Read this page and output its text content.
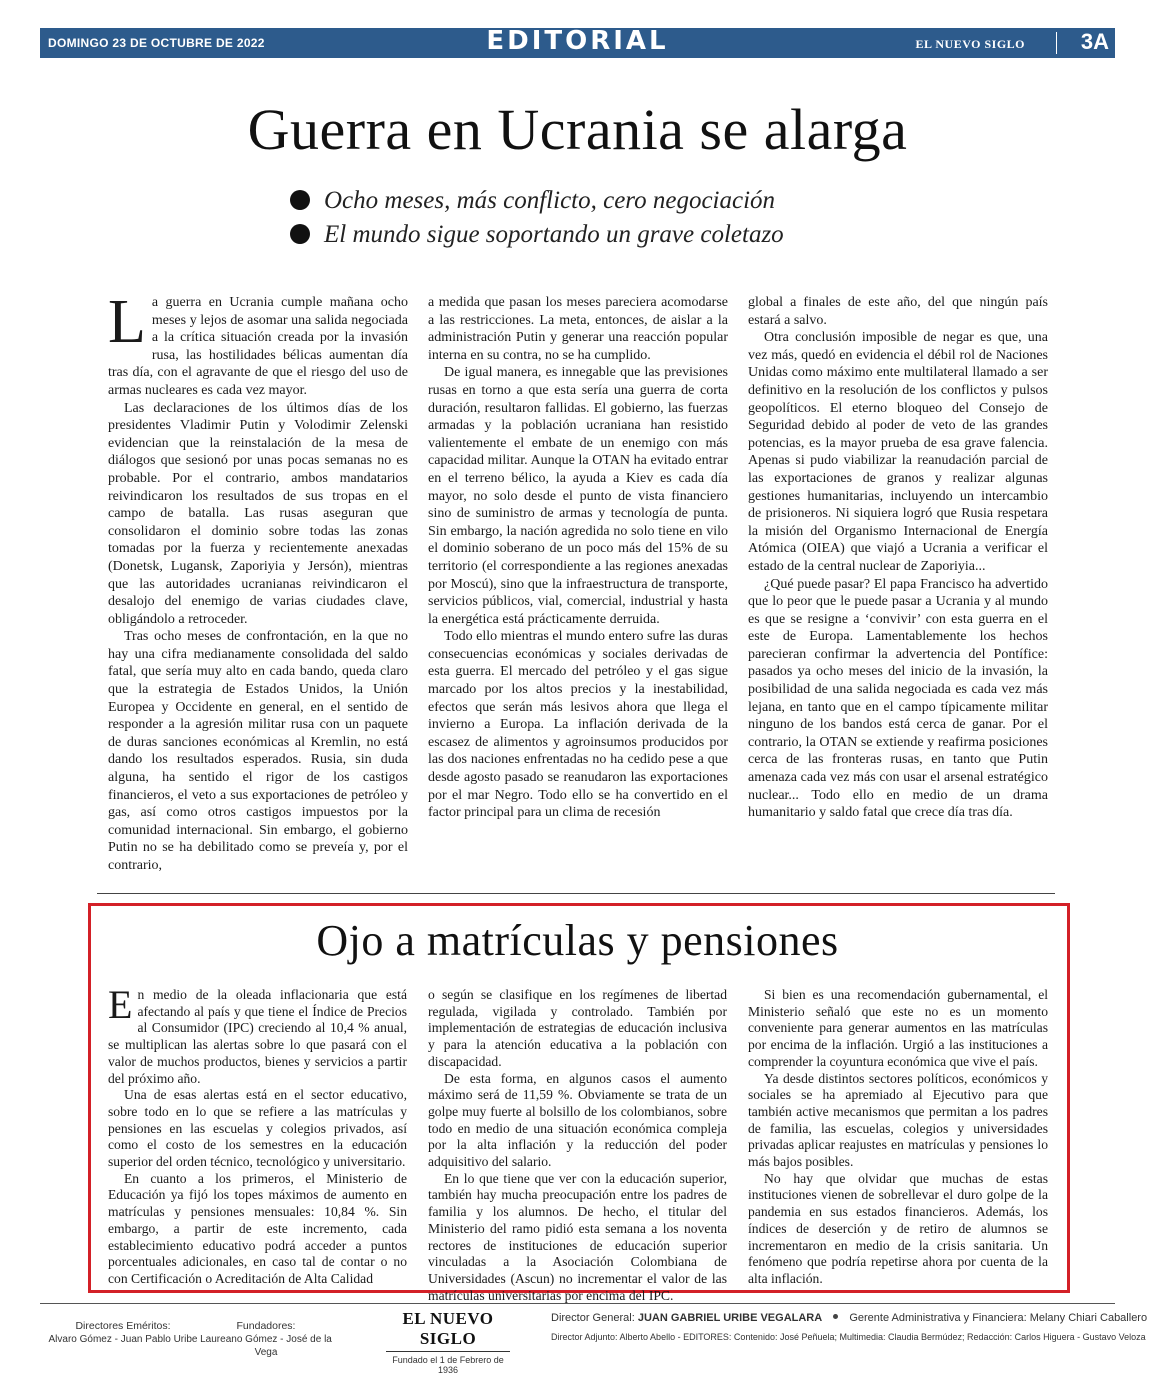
DOMINGO 23 DE OCTUBRE DE 2022	EDITORIAL	EL NUEVO SIGLO	3A
Guerra en Ucrania se alarga
Ocho meses, más conflicto, cero negociación
El mundo sigue soportando un grave coletazo

La guerra en Ucrania cumple mañana ocho meses y lejos de asomar una salida negociada a la crítica situación creada por la invasión rusa, las hostilidades bélicas aumentan día tras día, con el agravante de que el riesgo del uso de armas nucleares es cada vez mayor.

Las declaraciones de los últimos días de los presidentes Vladimir Putin y Volodimir Zelenski evidencian que la reinstalación de la mesa de diálogos que sesionó por unas pocas semanas no es probable. Por el contrario, ambos mandatarios reivindicaron los resultados de sus tropas en el campo de batalla. Las rusas aseguran que consolidaron el dominio sobre todas las zonas tomadas por la fuerza y recientemente anexadas (Donetsk, Lugansk, Zaporiyia y Jersón), mientras que las autoridades ucranianas reivindicaron el desalojo del enemigo de varias ciudades clave, obligándolo a retroceder.

Tras ocho meses de confrontación, en la que no hay una cifra medianamente consolidada del saldo fatal, que sería muy alto en cada bando, queda claro que la estrategia de Estados Unidos, la Unión Europea y Occidente en general, en el sentido de responder a la agresión militar rusa con un paquete de duras sanciones económicas al Kremlin, no está dando los resultados esperados. Rusia, sin duda alguna, ha sentido el rigor de los castigos financieros, el veto a sus exportaciones de petróleo y gas, así como otros castigos impuestos por la comunidad internacional. Sin embargo, el gobierno Putin no se ha debilitado como se preveía y, por el contrario,

a medida que pasan los meses pareciera acomodarse a las restricciones. La meta, entonces, de aislar a la administración Putin y generar una reacción popular interna en su contra, no se ha cumplido.

De igual manera, es innegable que las previsiones rusas en torno a que esta sería una guerra de corta duración, resultaron fallidas. El gobierno, las fuerzas armadas y la población ucraniana han resistido valientemente el embate de un enemigo con más capacidad militar. Aunque la OTAN ha evitado entrar en el terreno bélico, la ayuda a Kiev es cada día mayor, no solo desde el punto de vista financiero sino de suministro de armas y tecnología de punta. Sin embargo, la nación agredida no solo tiene en vilo el dominio soberano de un poco más del 15% de su territorio (el correspondiente a las regiones anexadas por Moscú), sino que la infraestructura de transporte, servicios públicos, vial, comercial, industrial y hasta la energética está prácticamente derruida.

Todo ello mientras el mundo entero sufre las duras consecuencias económicas y sociales derivadas de esta guerra. El mercado del petróleo y el gas sigue marcado por los altos precios y la inestabilidad, efectos que serán más lesivos ahora que llega el invierno a Europa. La inflación derivada de la escasez de alimentos y agroinsumos producidos por las dos naciones enfrentadas no ha cedido pese a que desde agosto pasado se reanudaron las exportaciones por el mar Negro. Todo ello se ha convertido en el factor principal para un clima de recesión

global a finales de este año, del que ningún país estará a salvo.

Otra conclusión imposible de negar es que, una vez más, quedó en evidencia el débil rol de Naciones Unidas como máximo ente multilateral llamado a ser definitivo en la resolución de los conflictos y pulsos geopolíticos. El eterno bloqueo del Consejo de Seguridad debido al poder de veto de las grandes potencias, es la mayor prueba de esa grave falencia. Apenas si pudo viabilizar la reanudación parcial de las exportaciones de granos y realizar algunas gestiones humanitarias, incluyendo un intercambio de prisioneros. Ni siquiera logró que Rusia respetara la misión del Organismo Internacional de Energía Atómica (OIEA) que viajó a Ucrania a verificar el estado de la central nuclear de Zaporiyia...

¿Qué puede pasar? El papa Francisco ha advertido que lo peor que le puede pasar a Ucrania y al mundo es que se resigne a ‘convivir’ con esta guerra en el este de Europa. Lamentablemente los hechos parecieran confirmar la advertencia del Pontífice: pasados ya ocho meses del inicio de la invasión, la posibilidad de una salida negociada es cada vez más lejana, en tanto que en el campo típicamente militar ninguno de los bandos está cerca de ganar. Por el contrario, la OTAN se extiende y reafirma posiciones cerca de las fronteras rusas, en tanto que Putin amenaza cada vez más con usar el arsenal estratégico nuclear... Todo ello en medio de un drama humanitario y saldo fatal que crece día tras día.

Ojo a matrículas y pensiones

En medio de la oleada inflacionaria que está afectando al país y que tiene el Índice de Precios al Consumidor (IPC) creciendo al 10,4 % anual, se multiplican las alertas sobre lo que pasará con el valor de muchos productos, bienes y servicios a partir del próximo año.

Una de esas alertas está en el sector educativo, sobre todo en lo que se refiere a las matrículas y pensiones en las escuelas y colegios privados, así como el costo de los semestres en la educación superior del orden técnico, tecnológico y universitario.

En cuanto a los primeros, el Ministerio de Educación ya fijó los topes máximos de aumento en matrículas y pensiones mensuales: 10,84 %. Sin embargo, a partir de este incremento, cada establecimiento educativo podrá acceder a puntos porcentuales adicionales, en caso tal de contar o no con Certificación o Acreditación de Alta Calidad

o según se clasifique en los regímenes de libertad regulada, vigilada y controlado. También por implementación de estrategias de educación inclusiva y para la atención educativa a la población con discapacidad.

De esta forma, en algunos casos el aumento máximo será de 11,59 %. Obviamente se trata de un golpe muy fuerte al bolsillo de los colombianos, sobre todo en medio de una situación económica compleja por la alta inflación y la reducción del poder adquisitivo del salario.

En lo que tiene que ver con la educación superior, también hay mucha preocupación entre los padres de familia y los alumnos. De hecho, el titular del Ministerio del ramo pidió esta semana a los noventa rectores de instituciones de educación superior vinculadas a la Asociación Colombiana de Universidades (Ascun) no incrementar el valor de las matrículas universitarias por encima del IPC.

Si bien es una recomendación gubernamental, el Ministerio señaló que este no es un momento conveniente para generar aumentos en las matrículas por encima de la inflación. Urgió a las instituciones a comprender la coyuntura económica que vive el país.

Ya desde distintos sectores políticos, económicos y sociales se ha apremiado al Ejecutivo para que también active mecanismos que permitan a los padres de familia, las escuelas, colegios y universidades privadas aplicar reajustes en matrículas y pensiones lo más bajos posibles.

No hay que olvidar que muchas de estas instituciones vienen de sobrellevar el duro golpe de la pandemia en sus estados financieros. Además, los índices de deserción y de retiro de alumnos se incrementaron en medio de la crisis sanitaria. Un fenómeno que podría repetirse ahora por cuenta de la alta inflación.

Directores Eméritos:
Alvaro Gómez - Juan Pablo Uribe
Fundadores:
Laureano Gómez - José de la Vega
EL NUEVO SIGLO
Fundado el 1 de Febrero de 1936
Director General: JUAN GABRIEL URIBE VEGALARA Gerente Administrativa y Financiera: Melany Chiari Caballero
Director Adjunto: Alberto Abello - EDITORES: Contenido: José Peñuela; Multimedia: Claudia Bermúdez; Redacción: Carlos Higuera - Gustavo Veloza
